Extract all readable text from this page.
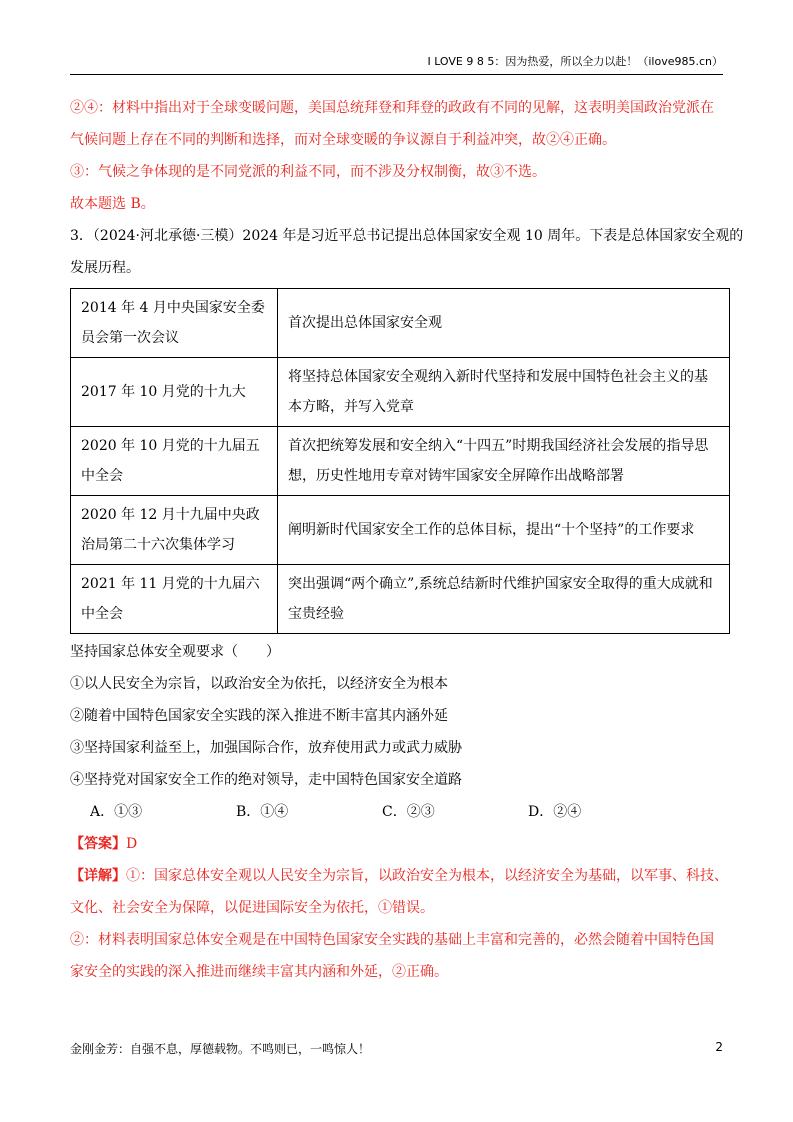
I LOVE 9 8 5：因为热爱，所以全力以赴！（ilove985.cn）
②④：材料中指出对于全球变暖问题，美国总统拜登和拜登的政政有不同的见解，这表明美国政治党派在
气候问题上存在不同的判断和选择，而对全球变暖的争议源自于利益冲突，故②④正确。
③：气候之争体现的是不同党派的利益不同，而不涉及分权制衡，故③不选。
故本题选 B。
3．（2024·河北承德·三模）2024 年是习近平总书记提出总体国家安全观 10 周年。下表是总体国家安全观的
发展历程。
2014 年 4 月中央国家安全委员会第一次会议	首次提出总体国家安全观
2017 年 10 月党的十九大	将坚持总体国家安全观纳入新时代坚持和发展中国特色社会主义的基本方略，并写入党章
2020 年 10 月党的十九届五中全会	首次把统筹发展和安全纳入“十四五”时期我国经济社会发展的指导思想，历史性地用专章对铸牢国家安全屏障作出战略部署
2020 年 12 月十九届中央政治局第二十六次集体学习	阐明新时代国家安全工作的总体目标，提出“十个坚持”的工作要求
2021 年 11 月党的十九届六中全会	突出强调“两个确立”,系统总结新时代维护国家安全取得的重大成就和宝贵经验
坚持国家总体安全观要求（　　）
①以人民安全为宗旨，以政治安全为依托，以经济安全为根本
②随着中国特色国家安全实践的深入推进不断丰富其内涵外延
③坚持国家利益至上，加强国际合作，放弃使用武力或武力威胁
④坚持党对国家安全工作的绝对领导，走中国特色国家安全道路
A．①③	B．①④	C．②③	D．②④
【答案】D
【详解】①：国家总体安全观以人民安全为宗旨，以政治安全为根本，以经济安全为基础，以军事、科技、
文化、社会安全为保障，以促进国际安全为依托，①错误。
②：材料表明国家总体安全观是在中国特色国家安全实践的基础上丰富和完善的，必然会随着中国特色国
家安全的实践的深入推进而继续丰富其内涵和外延，②正确。
金刚金芳：自强不息，厚德载物。不鸣则已，一鸣惊人！	2
